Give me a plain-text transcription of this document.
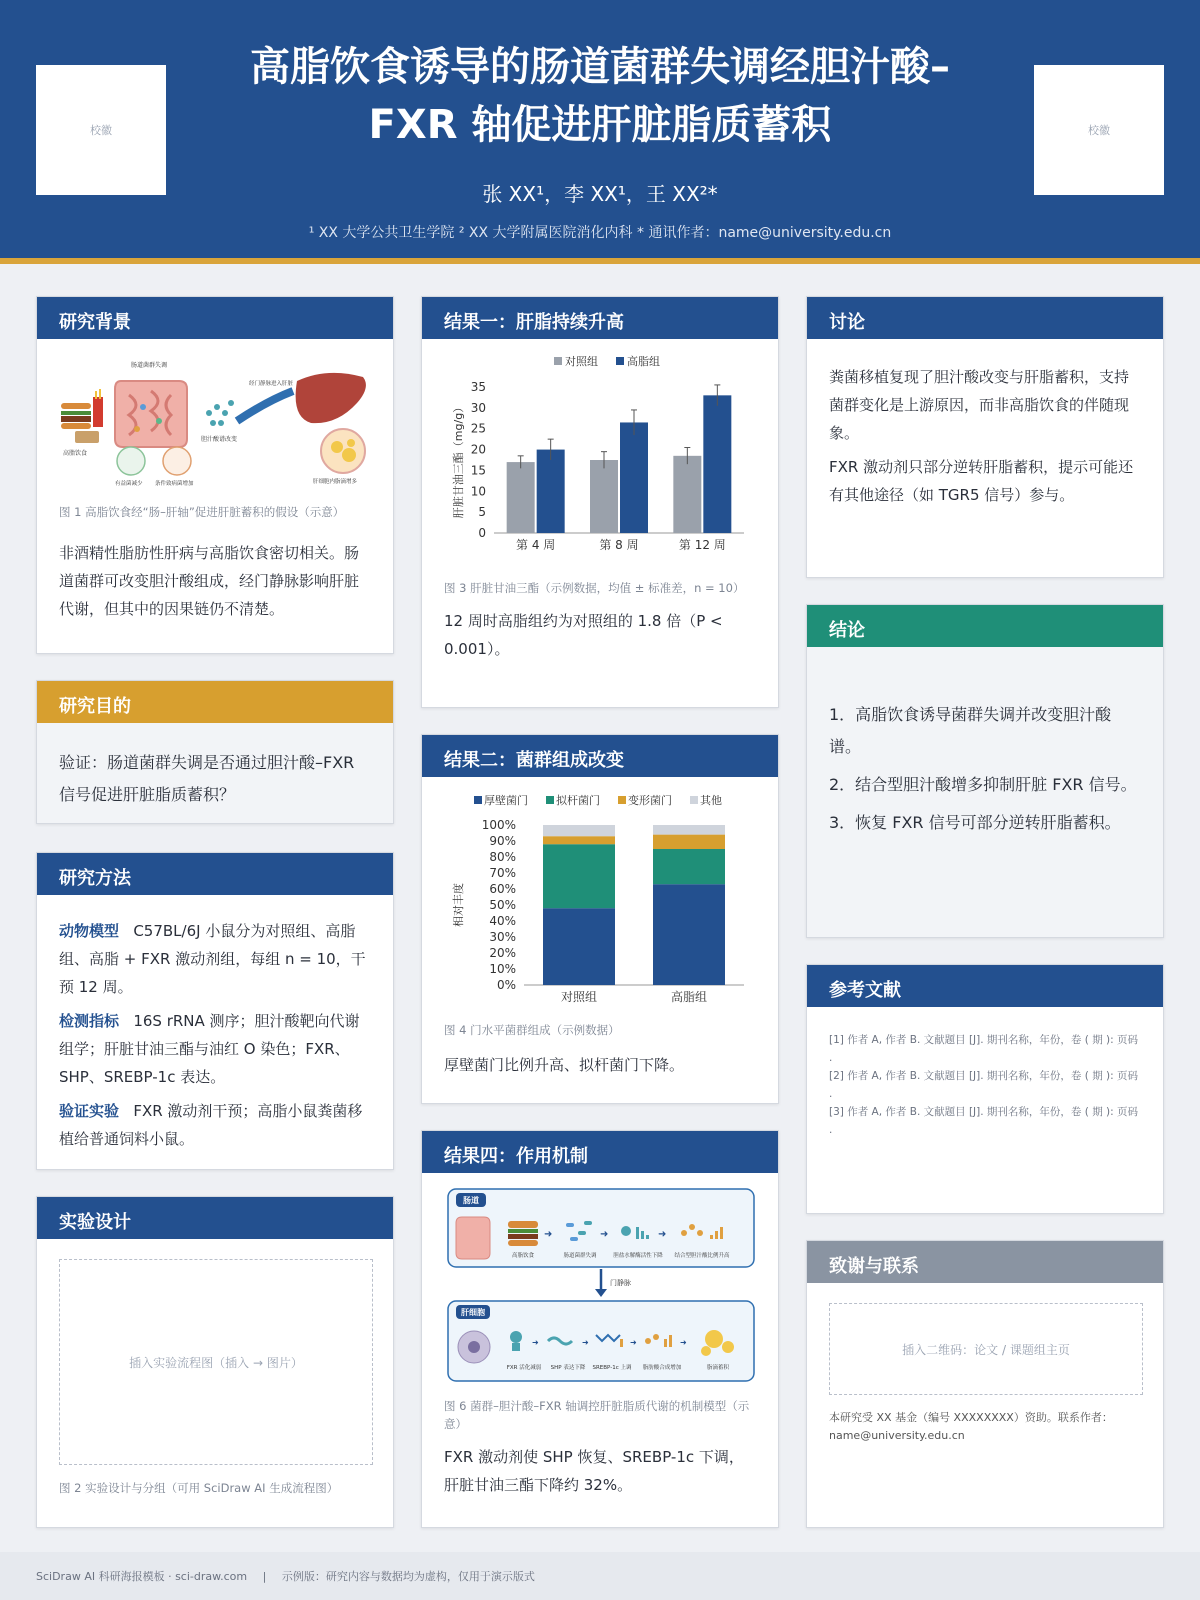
校徽	校徽
高脂饮食诱导的肠道菌群失调经胆汁酸–
FXR 轴促进肝脏脂质蓄积
张 XX¹，李 XX¹，王 XX²*
¹ XX 大学公共卫生学院 ² XX 大学附属医院消化内科 * 通讯作者：name@university.edu.cn
研究背景
高脂饮食
肠道菌群失调
胆汁酸谱改变
经门静脉进入肝脏
肝细胞内脂滴增多
有益菌减少 条件致病菌增加
图 1 高脂饮食经“肠–肝轴”促进肝脏蓄积的假设（示意）
非酒精性脂肪性肝病与高脂饮食密切相关。肠道菌群可改变胆汁酸组成，经门静脉影响肝脏代谢，但其中的因果链仍不清楚。
研究目的
验证：肠道菌群失调是否通过胆汁酸–FXR 信号促进肝脏脂质蓄积？
研究方法
动物模型 C57BL/6J 小鼠分为对照组、高脂组、高脂 + FXR 激动剂组，每组 n = 10，干预 12 周。
检测指标 16S rRNA 测序；胆汁酸靶向代谢组学；肝脏甘油三酯与油红 O 染色；FXR、SHP、SREBP-1c 表达。
验证实验 FXR 激动剂干预；高脂小鼠粪菌移植给普通饲料小鼠。
实验设计
插入实验流程图（插入 → 图片）
图 2 实验设计与分组（可用 SciDraw AI 生成流程图）
结果一：肝脂持续升高
对照组	高脂组
0
5
10
15
20
25
30
35
肝脏甘油三酯（mg/g）
第 4 周	第 8 周	第 12 周
图 3 肝脏甘油三酯（示例数据，均值 ± 标准差，n = 10）
12 周时高脂组约为对照组的 1.8 倍（P < 0.001）。
结果二：菌群组成改变
厚壁菌门	拟杆菌门	变形菌门	其他
0%
10%
20%
30%
40%
50%
60%
70%
80%
90%
100%
相对丰度
对照组	高脂组
图 4 门水平菌群组成（示例数据）
厚壁菌门比例升高、拟杆菌门下降。
结果四：作用机制
肠道
高脂饮食
➜
肠道菌群失调
➜
胆盐水解酶活性下降
➜
结合型胆汁酸比例升高
门静脉
肝细胞
FXR 活化减弱
➜
SHP 表达下降
➜
SREBP-1c 上调
➜
脂肪酸合成增加
➜
脂滴蓄积
图 6 菌群–胆汁酸–FXR 轴调控肝脏脂质代谢的机制模型（示意）
FXR 激动剂使 SHP 恢复、SREBP-1c 下调，肝脏甘油三酯下降约 32%。
讨论
粪菌移植复现了胆汁酸改变与肝脂蓄积，支持菌群变化是上游原因，而非高脂饮食的伴随现象。
FXR 激动剂只部分逆转肝脂蓄积，提示可能还有其他途径（如 TGR5 信号）参与。
结论
1．高脂饮食诱导菌群失调并改变胆汁酸谱。
2．结合型胆汁酸增多抑制肝脏 FXR 信号。
3．恢复 FXR 信号可部分逆转肝脂蓄积。
参考文献
[1] 作者 A, 作者 B. 文献题目 [J]. 期刊名称，年份，卷 ( 期 ): 页码 .
[2] 作者 A, 作者 B. 文献题目 [J]. 期刊名称，年份，卷 ( 期 ): 页码 .
[3] 作者 A, 作者 B. 文献题目 [J]. 期刊名称，年份，卷 ( 期 ): 页码 .
致谢与联系
插入二维码：论文 / 课题组主页
本研究受 XX 基金（编号 XXXXXXXX）资助。联系作者：name@university.edu.cn
SciDraw AI 科研海报模板 · sci-draw.com | 示例版：研究内容与数据均为虚构，仅用于演示版式
